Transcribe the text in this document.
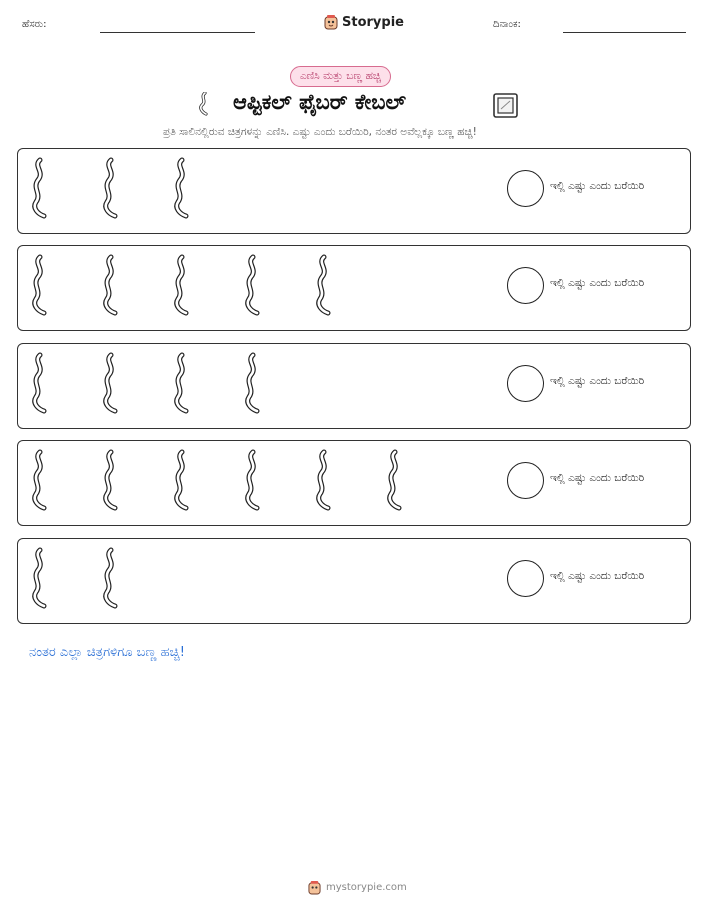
ಹೆಸರು:	Storypie	ದಿನಾಂಕ:
ಎಣಿಸಿ ಮತ್ತು ಬಣ್ಣ ಹಚ್ಚಿ
ಆಪ್ಟಿಕಲ್ ಫೈಬರ್ ಕೇಬಲ್
ಪ್ರತಿ ಸಾಲಿನಲ್ಲಿರುವ ಚಿತ್ರಗಳನ್ನು ಎಣಿಸಿ. ಎಷ್ಟು ಎಂದು ಬರೆಯಿರಿ, ನಂತರ ಅವೆಲ್ಲಕ್ಕೂ ಬಣ್ಣ ಹಚ್ಚಿ!
ಇಲ್ಲಿ ಎಷ್ಟು ಎಂದು ಬರೆಯಿರಿ
ಇಲ್ಲಿ ಎಷ್ಟು ಎಂದು ಬರೆಯಿರಿ
ಇಲ್ಲಿ ಎಷ್ಟು ಎಂದು ಬರೆಯಿರಿ
ಇಲ್ಲಿ ಎಷ್ಟು ಎಂದು ಬರೆಯಿರಿ
ಇಲ್ಲಿ ಎಷ್ಟು ಎಂದು ಬರೆಯಿರಿ
ನಂತರ ಎಲ್ಲಾ ಚಿತ್ರಗಳಿಗೂ ಬಣ್ಣ ಹಚ್ಚಿ!
mystorypie.com
